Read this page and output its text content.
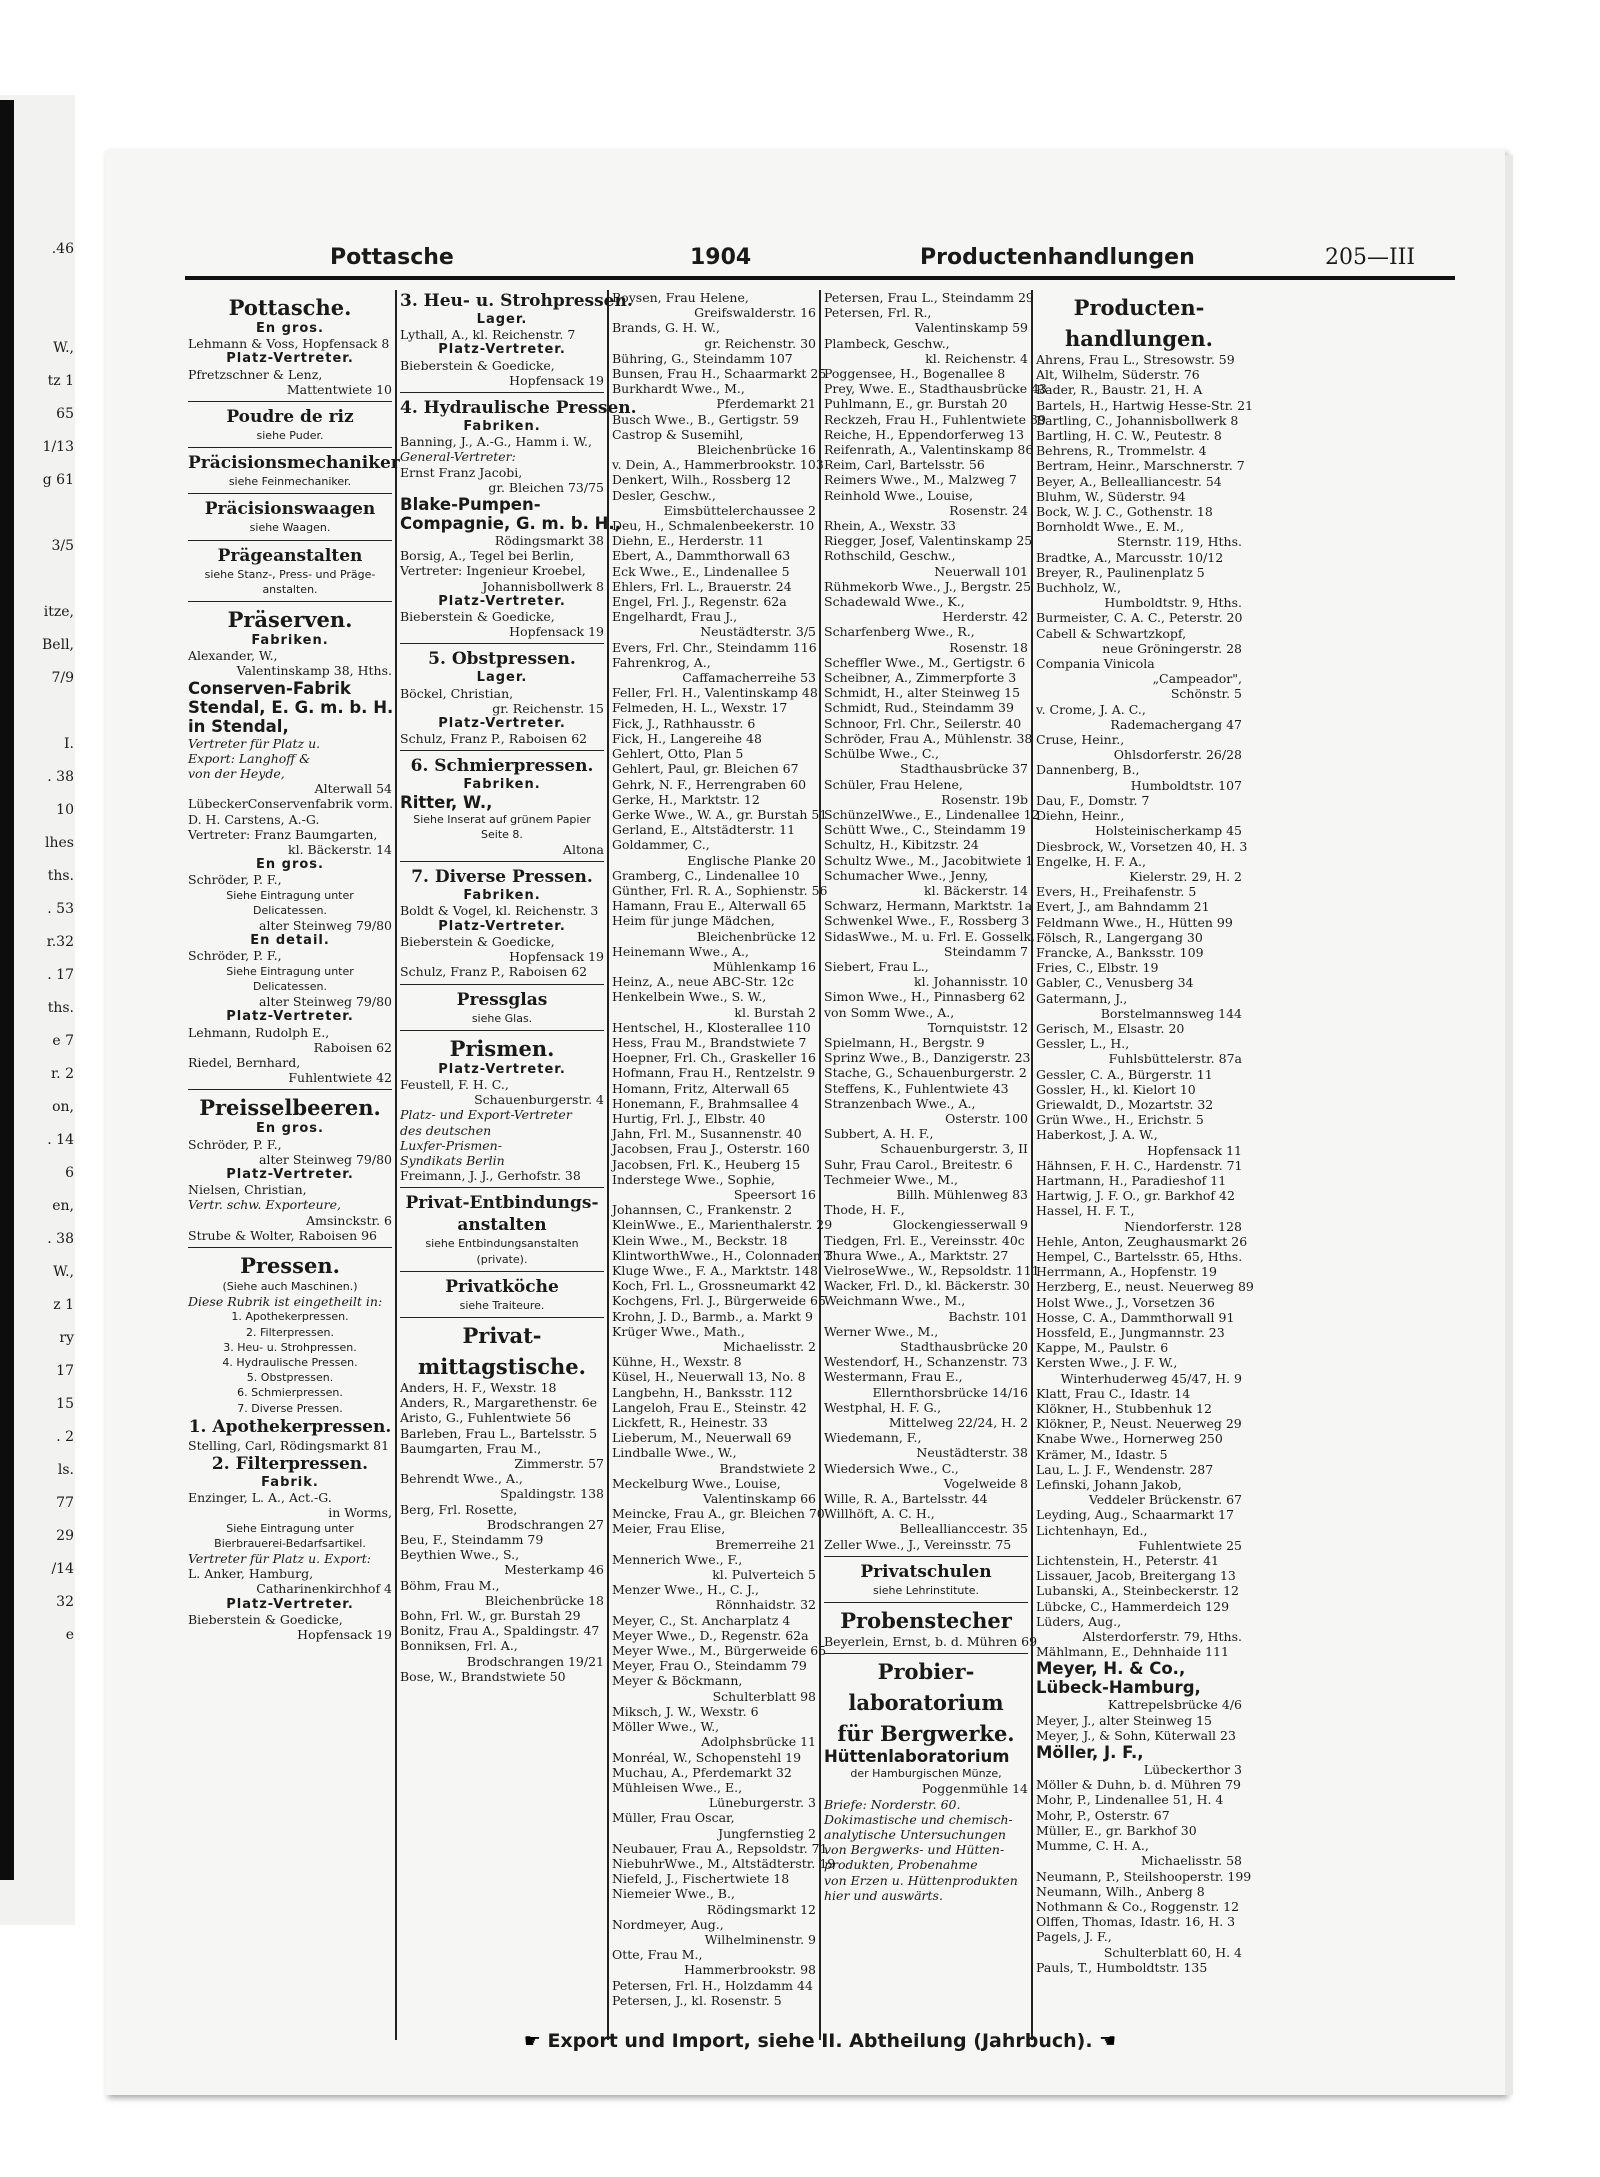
.46

W.,
tz 1
65
1/13
g 61

3/5

itze,
Bell,
7/9

I.
. 38
10
lhes
ths.
. 53
r.32
. 17
ths.
e 7
r. 2
on,
. 14
6
en,
. 38
W.,
z 1
ry
17
15
. 2
ls.
77
29
/14
32
e
Pottasche	1904	Productenhandlungen	205—III
Pottasche.
En gros.
Lehmann & Voss, Hopfensack 8
Platz-Vertreter.
Pfretzschner & Lenz,
Mattentwiete 10
Poudre de riz
siehe Puder.
Präcisionsmechaniker
siehe Feinmechaniker.
Präcisionswaagen
siehe Waagen.
Prägeanstalten
siehe Stanz-, Press- und Präge-
anstalten.
Präserven.
Fabriken.
Alexander, W.,
Valentinskamp 38, Hths.
Conserven-Fabrik
Stendal, E. G. m. b. H.
in Stendal,
Vertreter für Platz u.
Export: Langhoff &
von der Heyde,
Alterwall 54
LübeckerConservenfabrik vorm.
D. H. Carstens, A.-G.
Vertreter: Franz Baumgarten,
kl. Bäckerstr. 14
En gros.
Schröder, P. F.,
Siehe Eintragung unter
Delicatessen.
alter Steinweg 79/80
En detail.
Schröder, P. F.,
Siehe Eintragung unter
Delicatessen.
alter Steinweg 79/80
Platz-Vertreter.
Lehmann, Rudolph E.,
Raboisen 62
Riedel, Bernhard,
Fuhlentwiete 42
Preisselbeeren.
En gros.
Schröder, P. F.,
alter Steinweg 79/80
Platz-Vertreter.
Nielsen, Christian,
Vertr. schw. Exporteure,
Amsinckstr. 6
Strube & Wolter, Raboisen 96
Pressen.
(Siehe auch Maschinen.)
Diese Rubrik ist eingetheilt in:
1. Apothekerpressen.
2. Filterpressen.
3. Heu- u. Strohpressen.
4. Hydraulische Pressen.
5. Obstpressen.
6. Schmierpressen.
7. Diverse Pressen.
1. Apothekerpressen.
Stelling, Carl, Rödingsmarkt 81
2. Filterpressen.
Fabrik.
Enzinger, L. A., Act.-G.
in Worms,
Siehe Eintragung unter
Bierbrauerei-Bedarfsartikel.
Vertreter für Platz u. Export:
L. Anker, Hamburg,
Catharinenkirchhof 4
Platz-Vertreter.
Bieberstein & Goedicke,
Hopfensack 19
3. Heu- u. Strohpressen.
Lager.
Lythall, A., kl. Reichenstr. 7
Platz-Vertreter.
Bieberstein & Goedicke,
Hopfensack 19
4. Hydraulische Pressen.
Fabriken.
Banning, J., A.-G., Hamm i. W.,
General-Vertreter:
Ernst Franz Jacobi,
gr. Bleichen 73/75
Blake-Pumpen-
Compagnie, G. m. b. H.,
Rödingsmarkt 38
Borsig, A., Tegel bei Berlin,
Vertreter: Ingenieur Kroebel,
Johannisbollwerk 8
Platz-Vertreter.
Bieberstein & Goedicke,
Hopfensack 19
5. Obstpressen.
Lager.
Böckel, Christian,
gr. Reichenstr. 15
Platz-Vertreter.
Schulz, Franz P., Raboisen 62
6. Schmierpressen.
Fabriken.
Ritter, W.,
Siehe Inserat auf grünem Papier
Seite 8.
Altona
7. Diverse Pressen.
Fabriken.
Boldt & Vogel, kl. Reichenstr. 3
Platz-Vertreter.
Bieberstein & Goedicke,
Hopfensack 19
Schulz, Franz P., Raboisen 62
Pressglas
siehe Glas.
Prismen.
Platz-Vertreter.
Feustell, F. H. C.,
Schauenburgerstr. 4
Platz- und Export-Vertreter
des deutschen
Luxfer-Prismen-
Syndikats Berlin
Freimann, J. J., Gerhofstr. 38
Privat-Entbindungs-
anstalten
siehe Entbindungsanstalten
(private).
Privatköche
siehe Traiteure.
Privat-
mittagstische.
Anders, H. F., Wexstr. 18
Anders, R., Margarethenstr. 6e
Aristo, G., Fuhlentwiete 56
Barleben, Frau L., Bartelsstr. 5
Baumgarten, Frau M.,
Zimmerstr. 57
Behrendt Wwe., A.,
Spaldingstr. 138
Berg, Frl. Rosette,
Brodschrangen 27
Beu, F., Steindamm 79
Beythien Wwe., S.,
Mesterkamp 46
Böhm, Frau M.,
Bleichenbrücke 18
Bohn, Frl. W., gr. Burstah 29
Bonitz, Frau A., Spaldingstr. 47
Bonniksen, Frl. A.,
Brodschrangen 19/21
Bose, W., Brandstwiete 50
Boysen, Frau Helene,
Greifswalderstr. 16
Brands, G. H. W.,
gr. Reichenstr. 30
Bühring, G., Steindamm 107
Bunsen, Frau H., Schaarmarkt 25
Burkhardt Wwe., M.,
Pferdemarkt 21
Busch Wwe., B., Gertigstr. 59
Castrop & Susemihl,
Bleichenbrücke 16
v. Dein, A., Hammerbrookstr. 103
Denkert, Wilh., Rossberg 12
Desler, Geschw.,
Eimsbüttelerchaussee 2
Deu, H., Schmalenbeekerstr. 10
Diehn, E., Herderstr. 11
Ebert, A., Dammthorwall 63
Eck Wwe., E., Lindenallee 5
Ehlers, Frl. L., Brauerstr. 24
Engel, Frl. J., Regenstr. 62a
Engelhardt, Frau J.,
Neustädterstr. 3/5
Evers, Frl. Chr., Steindamm 116
Fahrenkrog, A.,
Caffamacherreihe 53
Feller, Frl. H., Valentinskamp 48
Felmeden, H. L., Wexstr. 17
Fick, J., Rathhausstr. 6
Fick, H., Langereihe 48
Gehlert, Otto, Plan 5
Gehlert, Paul, gr. Bleichen 67
Gehrk, N. F., Herrengraben 60
Gerke, H., Marktstr. 12
Gerke Wwe., W. A., gr. Burstah 51
Gerland, E., Altstädterstr. 11
Goldammer, C.,
Englische Planke 20
Gramberg, C., Lindenallee 10
Günther, Frl. R. A., Sophienstr. 56
Hamann, Frau E., Alterwall 65
Heim für junge Mädchen,
Bleichenbrücke 12
Heinemann Wwe., A.,
Mühlenkamp 16
Heinz, A., neue ABC-Str. 12c
Henkelbein Wwe., S. W.,
kl. Burstah 2
Hentschel, H., Klosterallee 110
Hess, Frau M., Brandstwiete 7
Hoepner, Frl. Ch., Graskeller 16
Hofmann, Frau H., Rentzelstr. 9
Homann, Fritz, Alterwall 65
Honemann, F., Brahmsallee 4
Hurtig, Frl. J., Elbstr. 40
Jahn, Frl. M., Susannenstr. 40
Jacobsen, Frau J., Osterstr. 160
Jacobsen, Frl. K., Heuberg 15
Inderstege Wwe., Sophie,
Speersort 16
Johannsen, C., Frankenstr. 2
KleinWwe., E., Marienthalerstr. 29
Klein Wwe., M., Beckstr. 18
KlintworthWwe., H., Colonnaden 3
Kluge Wwe., F. A., Marktstr. 148
Koch, Frl. L., Grossneumarkt 42
Kochgens, Frl. J., Bürgerweide 65
Krohn, J. D., Barmb., a. Markt 9
Krüger Wwe., Math.,
Michaelisstr. 2
Kühne, H., Wexstr. 8
Küsel, H., Neuerwall 13, No. 8
Langbehn, H., Banksstr. 112
Langeloh, Frau E., Steinstr. 42
Lickfett, R., Heinestr. 33
Lieberum, M., Neuerwall 69
Lindballe Wwe., W.,
Brandstwiete 2
Meckelburg Wwe., Louise,
Valentinskamp 66
Meincke, Frau A., gr. Bleichen 70
Meier, Frau Elise,
Bremerreihe 21
Mennerich Wwe., F.,
kl. Pulverteich 5
Menzer Wwe., H., C. J.,
Rönnhaidstr. 32
Meyer, C., St. Ancharplatz 4
Meyer Wwe., D., Regenstr. 62a
Meyer Wwe., M., Bürgerweide 65
Meyer, Frau O., Steindamm 79
Meyer & Böckmann,
Schulterblatt 98
Miksch, J. W., Wexstr. 6
Möller Wwe., W.,
Adolphsbrücke 11
Monréal, W., Schopenstehl 19
Muchau, A., Pferdemarkt 32
Mühleisen Wwe., E.,
Lüneburgerstr. 3
Müller, Frau Oscar,
Jungfernstieg 2
Neubauer, Frau A., Repsoldstr. 71
NiebuhrWwe., M., Altstädterstr. 19
Niefeld, J., Fischertwiete 18
Niemeier Wwe., B.,
Rödingsmarkt 12
Nordmeyer, Aug.,
Wilhelminenstr. 9
Otte, Frau M.,
Hammerbrookstr. 98
Petersen, Frl. H., Holzdamm 44
Petersen, J., kl. Rosenstr. 5
Petersen, Frau L., Steindamm 29
Petersen, Frl. R.,
Valentinskamp 59
Plambeck, Geschw.,
kl. Reichenstr. 4
Poggensee, H., Bogenallee 8
Prey, Wwe. E., Stadthausbrücke 43
Puhlmann, E., gr. Burstah 20
Reckzeh, Frau H., Fuhlentwiete 39
Reiche, H., Eppendorferweg 13
Reifenrath, A., Valentinskamp 86
Reim, Carl, Bartelsstr. 56
Reimers Wwe., M., Malzweg 7
Reinhold Wwe., Louise,
Rosenstr. 24
Rhein, A., Wexstr. 33
Riegger, Josef, Valentinskamp 25
Rothschild, Geschw.,
Neuerwall 101
Rühmekorb Wwe., J., Bergstr. 25
Schadewald Wwe., K.,
Herderstr. 42
Scharfenberg Wwe., R.,
Rosenstr. 18
Scheffler Wwe., M., Gertigstr. 6
Scheibner, A., Zimmerpforte 3
Schmidt, H., alter Steinweg 15
Schmidt, Rud., Steindamm 39
Schnoor, Frl. Chr., Seilerstr. 40
Schröder, Frau A., Mühlenstr. 38
Schülbe Wwe., C.,
Stadthausbrücke 37
Schüler, Frau Helene,
Rosenstr. 19b
SchünzelWwe., E., Lindenallee 12
Schütt Wwe., C., Steindamm 19
Schultz, H., Kibitzstr. 24
Schultz Wwe., M., Jacobitwiete 1
Schumacher Wwe., Jenny,
kl. Bäckerstr. 14
Schwarz, Hermann, Marktstr. 1a
Schwenkel Wwe., F., Rossberg 3
SidasWwe., M. u. Frl. E. Gosselk,
Steindamm 7
Siebert, Frau L.,
kl. Johannisstr. 10
Simon Wwe., H., Pinnasberg 62
von Somm Wwe., A.,
Tornquiststr. 12
Spielmann, H., Bergstr. 9
Sprinz Wwe., B., Danzigerstr. 23
Stache, G., Schauenburgerstr. 2
Steffens, K., Fuhlentwiete 43
Stranzenbach Wwe., A.,
Osterstr. 100
Subbert, A. H. F.,
Schauenburgerstr. 3, II
Suhr, Frau Carol., Breitestr. 6
Techmeier Wwe., M.,
Billh. Mühlenweg 83
Thode, H. F.,
Glockengiesserwall 9
Tiedgen, Frl. E., Vereinsstr. 40c
Thura Wwe., A., Marktstr. 27
VielroseWwe., W., Repsoldstr. 111
Wacker, Frl. D., kl. Bäckerstr. 30
Weichmann Wwe., M.,
Bachstr. 101
Werner Wwe., M.,
Stadthausbrücke 20
Westendorf, H., Schanzenstr. 73
Westermann, Frau E.,
Ellernthorsbrücke 14/16
Westphal, H. F. G.,
Mittelweg 22/24, H. 2
Wiedemann, F.,
Neustädterstr. 38
Wiedersich Wwe., C.,
Vogelweide 8
Wille, R. A., Bartelsstr. 44
Willhöft, A. C. H.,
Belleallianccestr. 35
Zeller Wwe., J., Vereinsstr. 75
Privatschulen
siehe Lehrinstitute.
Probenstecher
Beyerlein, Ernst, b. d. Mühren 69
Probier-
laboratorium
für Bergwerke.
Hüttenlaboratorium
der Hamburgischen Münze,
Poggenmühle 14
Briefe: Norderstr. 60.
Dokimastische und chemisch-
analytische Untersuchungen
von Bergwerks- und Hütten-
produkten, Probenahme
von Erzen u. Hüttenprodukten
hier und auswärts.
Producten-
handlungen.
Ahrens, Frau L., Stresowstr. 59
Alt, Wilhelm, Süderstr. 76
Bader, R., Baustr. 21, H. A
Bartels, H., Hartwig Hesse-Str. 21
Bartling, C., Johannisbollwerk 8
Bartling, H. C. W., Peutestr. 8
Behrens, R., Trommelstr. 4
Bertram, Heinr., Marschnerstr. 7
Beyer, A., Bellealliancestr. 54
Bluhm, W., Süderstr. 94
Bock, W. J. C., Gothenstr. 18
Bornholdt Wwe., E. M.,
Sternstr. 119, Hths.
Bradtke, A., Marcusstr. 10/12
Breyer, R., Paulinenplatz 5
Buchholz, W.,
Humboldtstr. 9, Hths.
Burmeister, C. A. C., Peterstr. 20
Cabell & Schwartzkopf,
neue Gröningerstr. 28
Compania Vinicola
„Campeador",
Schönstr. 5
v. Crome, J. A. C.,
Rademachergang 47
Cruse, Heinr.,
Ohlsdorferstr. 26/28
Dannenberg, B.,
Humboldtstr. 107
Dau, F., Domstr. 7
Diehn, Heinr.,
Holsteinischerkamp 45
Diesbrock, W., Vorsetzen 40, H. 3
Engelke, H. F. A.,
Kielerstr. 29, H. 2
Evers, H., Freihafenstr. 5
Evert, J., am Bahndamm 21
Feldmann Wwe., H., Hütten 99
Fölsch, R., Langergang 30
Francke, A., Banksstr. 109
Fries, C., Elbstr. 19
Gabler, C., Venusberg 34
Gatermann, J.,
Borstelmannsweg 144
Gerisch, M., Elsastr. 20
Gessler, L., H.,
Fuhlsbüttelerstr. 87a
Gessler, C. A., Bürgerstr. 11
Gossler, H., kl. Kielort 10
Griewaldt, D., Mozartstr. 32
Grün Wwe., H., Erichstr. 5
Haberkost, J. A. W.,
Hopfensack 11
Hähnsen, F. H. C., Hardenstr. 71
Hartmann, H., Paradieshof 11
Hartwig, J. F. O., gr. Barkhof 42
Hassel, H. F. T.,
Niendorferstr. 128
Hehle, Anton, Zeughausmarkt 26
Hempel, C., Bartelsstr. 65, Hths.
Herrmann, A., Hopfenstr. 19
Herzberg, E., neust. Neuerweg 89
Holst Wwe., J., Vorsetzen 36
Hosse, C. A., Dammthorwall 91
Hossfeld, E., Jungmannstr. 23
Kappe, M., Paulstr. 6
Kersten Wwe., J. F. W.,
Winterhuderweg 45/47, H. 9
Klatt, Frau C., Idastr. 14
Klökner, H., Stubbenhuk 12
Klökner, P., Neust. Neuerweg 29
Knabe Wwe., Hornerweg 250
Krämer, M., Idastr. 5
Lau, L. J. F., Wendenstr. 287
Lefinski, Johann Jakob,
Veddeler Brückenstr. 67
Leyding, Aug., Schaarmarkt 17
Lichtenhayn, Ed.,
Fuhlentwiete 25
Lichtenstein, H., Peterstr. 41
Lissauer, Jacob, Breitergang 13
Lubanski, A., Steinbeckerstr. 12
Lübcke, C., Hammerdeich 129
Lüders, Aug.,
Alsterdorferstr. 79, Hths.
Mählmann, E., Dehnhaide 111
Meyer, H. & Co.,
Lübeck-Hamburg,
Kattrepelsbrücke 4/6
Meyer, J., alter Steinweg 15
Meyer, J., & Sohn, Küterwall 23
Möller, J. F.,
Lübeckerthor 3
Möller & Duhn, b. d. Mühren 79
Mohr, P., Lindenallee 51, H. 4
Mohr, P., Osterstr. 67
Müller, E., gr. Barkhof 30
Mumme, C. H. A.,
Michaelisstr. 58
Neumann, P., Steilshooperstr. 199
Neumann, Wilh., Anberg 8
Nothmann & Co., Roggenstr. 12
Olffen, Thomas, Idastr. 16, H. 3
Pagels, J. F.,
Schulterblatt 60, H. 4
Pauls, T., Humboldtstr. 135
☛ Export und Import, siehe II. Abtheilung (Jahrbuch). ☚
